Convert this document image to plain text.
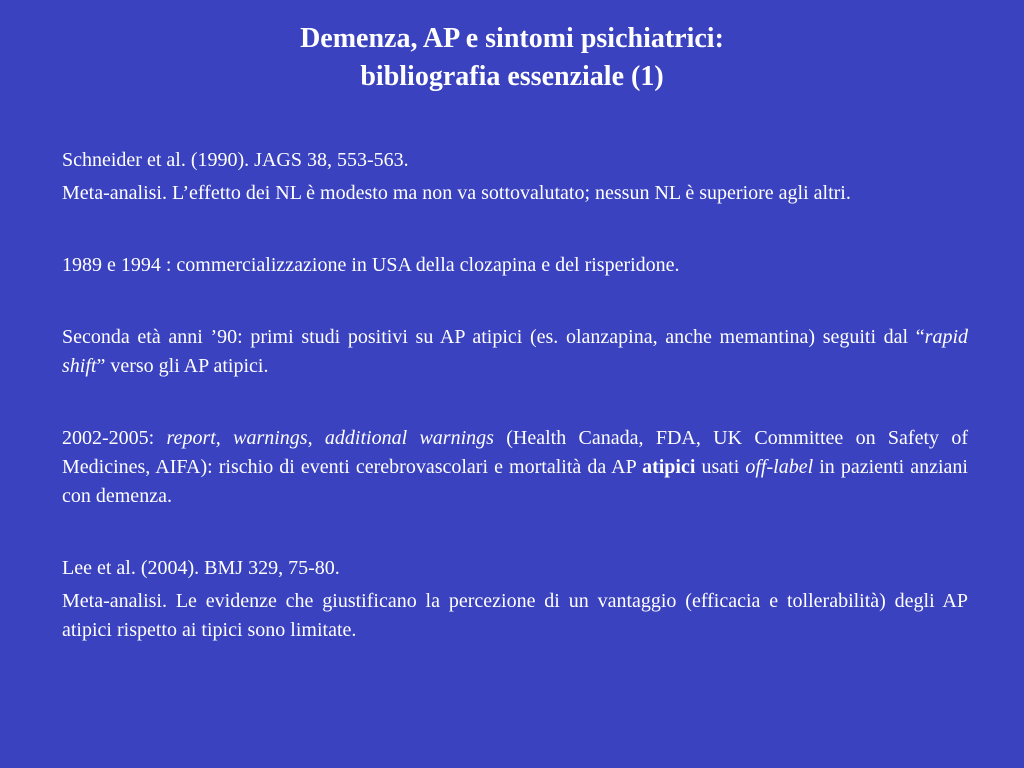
Demenza, AP e sintomi psichiatrici:
bibliografia essenziale (1)

Schneider et al. (1990). JAGS 38, 553-563.

Meta-analisi. L’effetto dei NL è modesto ma non va sottovalutato; nessun NL è superiore agli altri.

1989 e 1994 : commercializzazione in USA della clozapina e del risperidone.

Seconda età anni ’90: primi studi positivi su AP atipici (es. olanzapina, anche memantina) seguiti dal “rapid shift” verso gli AP atipici.

2002-2005: report, warnings, additional warnings (Health Canada, FDA, UK Committee on Safety of Medicines, AIFA): rischio di eventi cerebrovascolari e mortalità da AP atipici usati off-label in pazienti anziani con demenza.

Lee et al. (2004). BMJ 329, 75-80.

Meta-analisi. Le evidenze che giustificano la percezione di un vantaggio (efficacia e tollerabilità) degli AP atipici rispetto ai tipici sono limitate.
